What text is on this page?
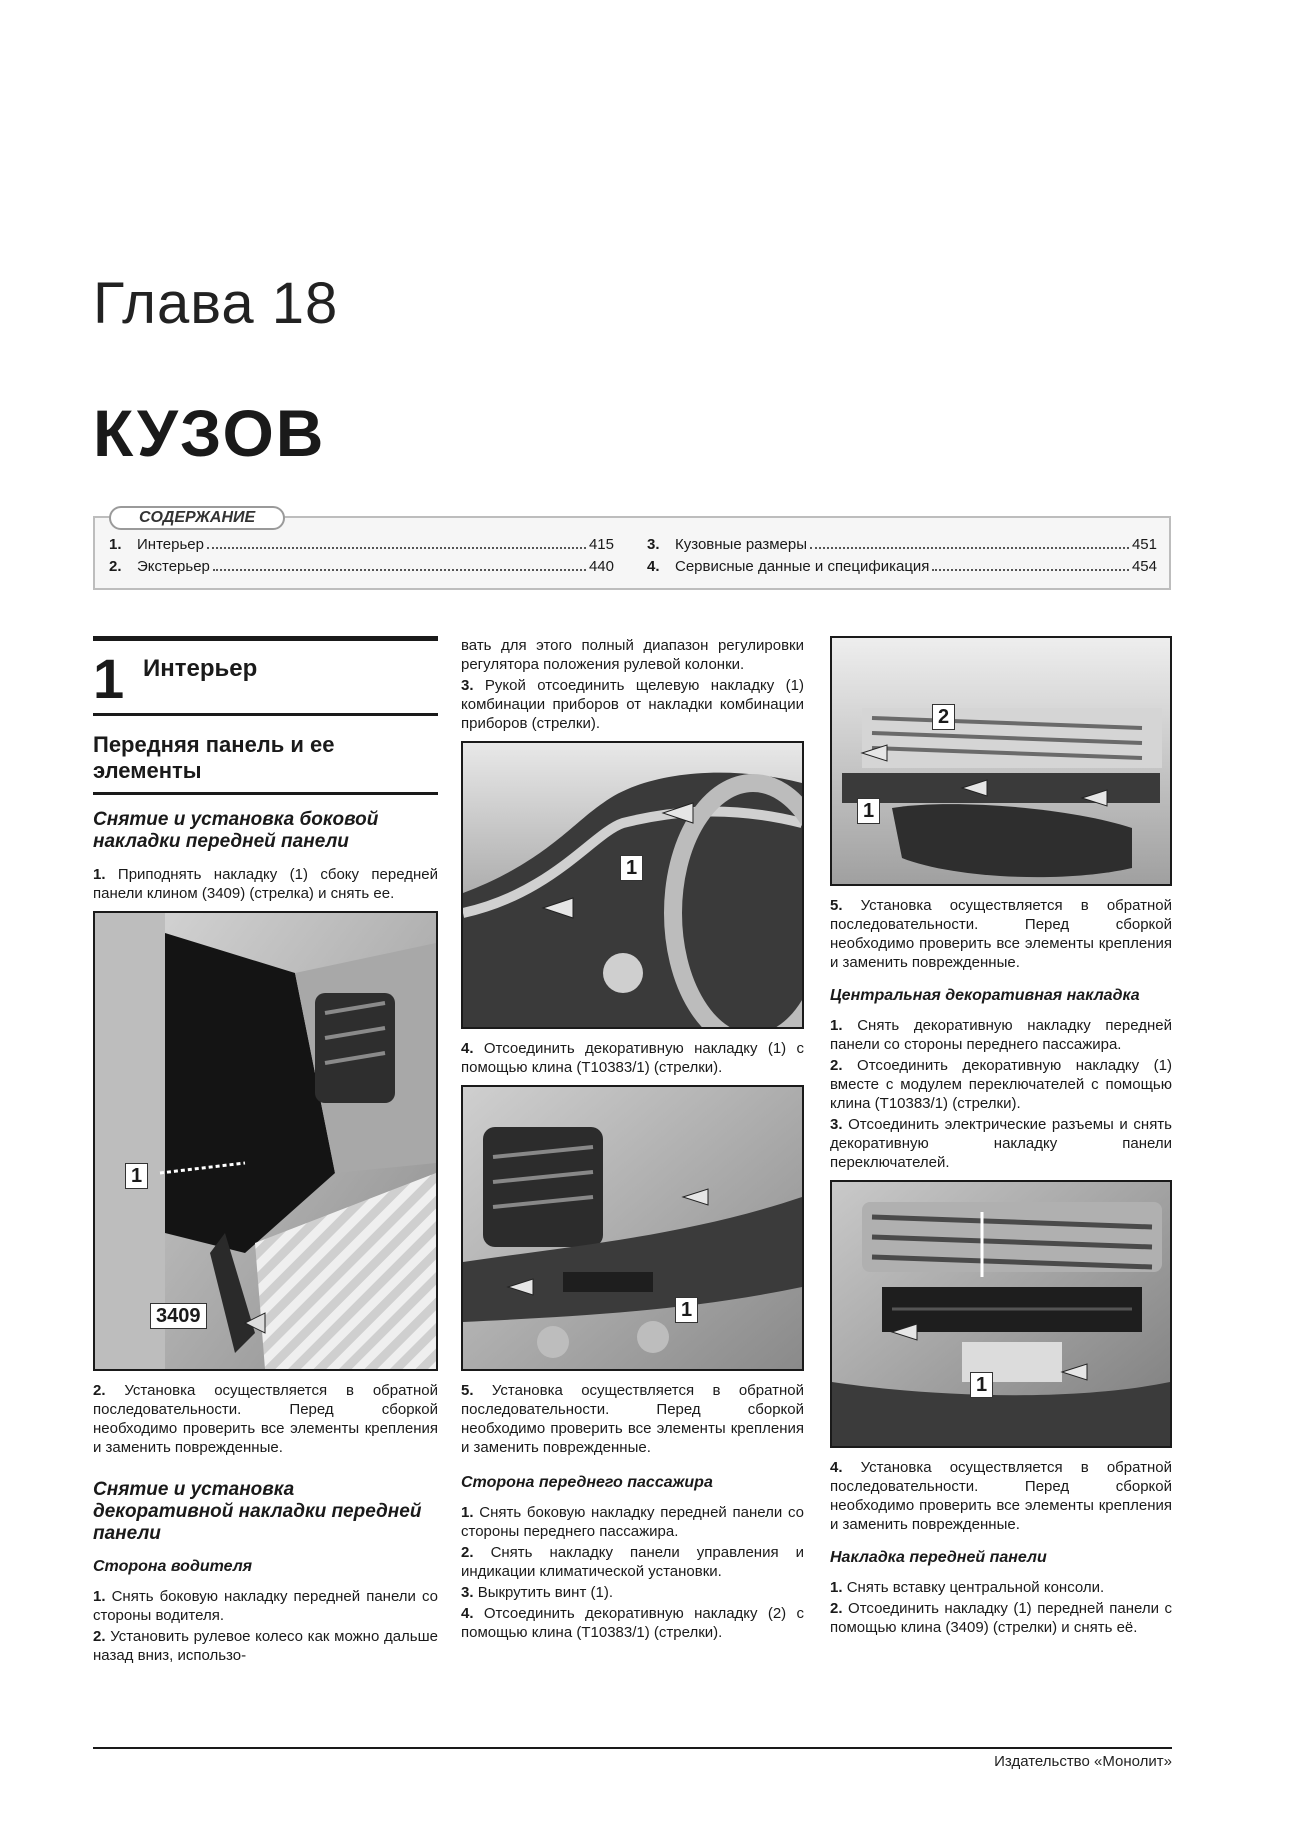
Глава 18
КУЗОВ
СОДЕРЖАНИЕ
1.	Интерьер	415
2.	Экстерьер	440
3.	Кузовные размеры	451
4.	Сервисные данные и спецификация	454
1 Интерьер
Передняя панель и ее элементы
Снятие и установка боковой накладки передней панели

1. Приподнять накладку (1) сбоку передней панели клином (3409) (стрелка) и снять ее.

1
3409

2. Установка осуществляется в обратной последовательности. Перед сборкой необходимо проверить все элементы крепления и заменить поврежденные.

Снятие и установка декоративной накладки передней панели
Сторона водителя

1. Снять боковую накладку передней панели со стороны водителя.

2. Установить рулевое колесо как можно дальше назад вниз, использо-

вать для этого полный диапазон регулировки регулятора положения рулевой колонки.

3. Рукой отсоединить щелевую накладку (1) комбинации приборов от накладки комбинации приборов (стрелки).

1

4. Отсоединить декоративную накладку (1) с помощью клина (T10383/1) (стрелки).

1

5. Установка осуществляется в обратной последовательности. Перед сборкой необходимо проверить все элементы крепления и заменить поврежденные.

Сторона переднего пассажира

1. Снять боковую накладку передней панели со стороны переднего пассажира.

2. Снять накладку панели управления и индикации климатической установки.

3. Выкрутить винт (1).

4. Отсоединить декоративную накладку (2) с помощью клина (T10383/1) (стрелки).

2
1

5. Установка осуществляется в обратной последовательности. Перед сборкой необходимо проверить все элементы крепления и заменить поврежденные.

Центральная декоративная накладка

1. Снять декоративную накладку передней панели со стороны переднего пассажира.

2. Отсоединить декоративную накладку (1) вместе с модулем переключателей с помощью клина (T10383/1) (стрелки).

3. Отсоединить электрические разъемы и снять декоративную накладку панели переключателей.

1

4. Установка осуществляется в обратной последовательности. Перед сборкой необходимо проверить все элементы крепления и заменить поврежденные.

Накладка передней панели

1. Снять вставку центральной консоли.

2. Отсоединить накладку (1) передней панели с помощью клина (3409) (стрелки) и снять её.

Издательство «Монолит»
